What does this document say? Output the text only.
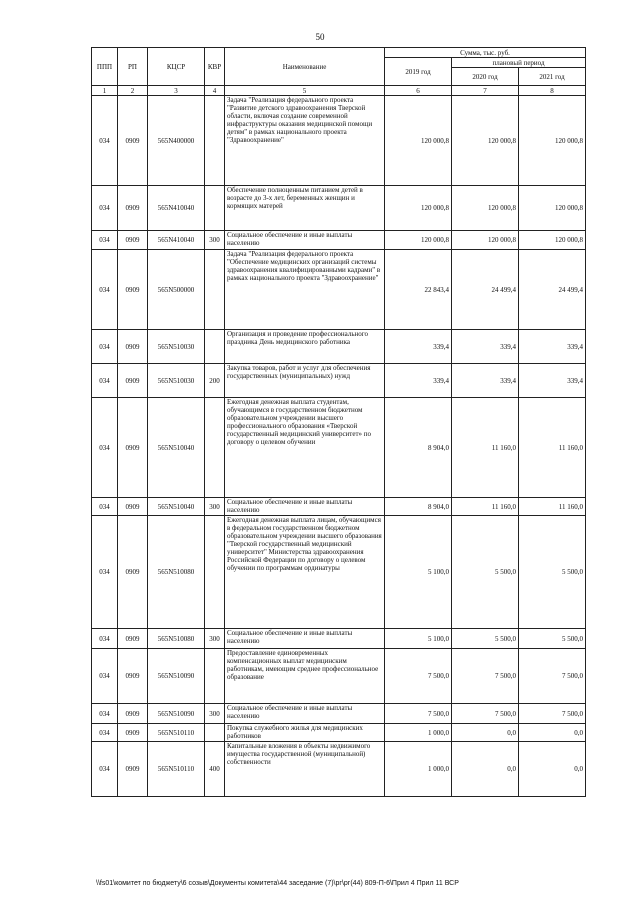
50
ППП	РП	КЦСР	КВР	Наименование	Сумма, тыс. руб.		
					2019 год	плановый период	
						2020 год	2021 год
1	2	3	4	5	6	7	8
034	0909	565N400000		Задача "Реализация федерального проекта "Развитие детского здравоохранения Тверской области, включая создание современной инфраструктуры оказания медицинской помощи детям" в рамках национального проекта "Здравоохранение"	120 000,8	120 000,8	120 000,8
034	0909	565N410040		Обеспечение полноценным питанием детей в возрасте до 3-х лет, беременных женщин и кормящих матерей	120 000,8	120 000,8	120 000,8
034	0909	565N410040	300	Социальное обеспечение и иные выплаты населению	120 000,8	120 000,8	120 000,8
034	0909	565N500000		Задача "Реализация федерального проекта "Обеспечение медицинских организаций системы здравоохранения квалифицированными кадрами" в рамках национального проекта "Здравоохранение"	22 843,4	24 499,4	24 499,4
034	0909	565N510030		Организация и проведение профессионального праздника День медицинского работника	339,4	339,4	339,4
034	0909	565N510030	200	Закупка товаров, работ и услуг для обеспечения государственных (муниципальных) нужд	339,4	339,4	339,4
034	0909	565N510040		Ежегодная денежная выплата студентам, обучающимся в государственном бюджетном образовательном учреждении высшего профессионального образования «Тверской государственный медицинский университет» по договору о целевом обучении	8 904,0	11 160,0	11 160,0
034	0909	565N510040	300	Социальное обеспечение и иные выплаты населению	8 904,0	11 160,0	11 160,0
034	0909	565N510080		Ежегодная денежная выплата лицам, обучающимся в федеральном государственном бюджетном образовательном учреждении высшего образования "Тверской государственный медицинский университет" Министерства здравоохранения Российской Федерации по договору о целевом обучении по программам ординатуры	5 100,0	5 500,0	5 500,0
034	0909	565N510080	300	Социальное обеспечение и иные выплаты населению	5 100,0	5 500,0	5 500,0
034	0909	565N510090		Предоставление единовременных компенсационных выплат медицинским работникам, имеющим среднее профессиональное образование	7 500,0	7 500,0	7 500,0
034	0909	565N510090	300	Социальное обеспечение и иные выплаты населению	7 500,0	7 500,0	7 500,0
034	0909	565N510110		Покупка служебного жилья для медицинских работников	1 000,0	0,0	0,0
034	0909	565N510110	400	Капитальные вложения в объекты недвижимого имущества государственной (муниципальной) собственности	1 000,0	0,0	0,0
\\fs01\комитет по бюджету\6 созыв\Документы комитета\44 заседание (7)\рг\рг(44) 809-П-6\Прил 4 Прил 11 ВСР
